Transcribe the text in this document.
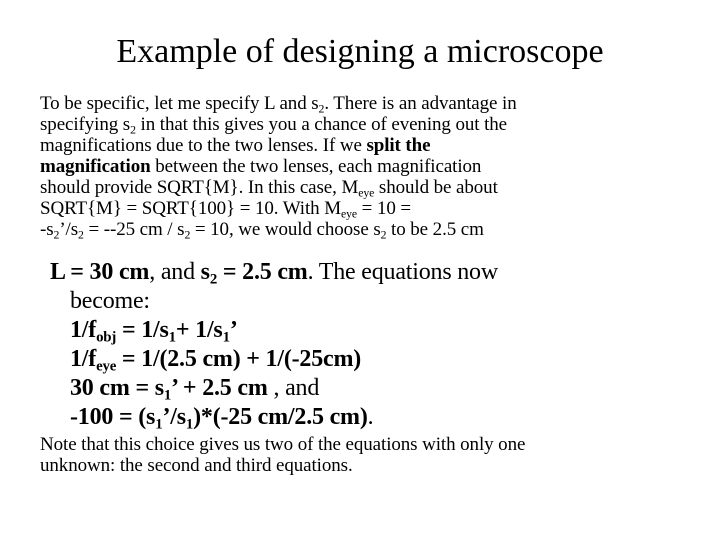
Example of designing a microscope
To be specific, let me specify L and $s_2$. There is an advantage in
specifying $s_2$ in that this gives you a chance of evening out the
magnifications due to the two lenses. If we split the
magnification between the two lenses, each magnification
should provide SQRT{M}. In this case, $M_{eye}$ should be about
SQRT{M} = SQRT{100} = 10. With $M_{eye} = 10$ =
$-s_2’/s_2 = --25$ cm / $s_2 = 10$, we would choose $s_2$ to be 2.5 cm
L = 30 cm, and $s_2 = 2.5$ cm. The equations now
become:
$1/f_{obj} = 1/s_1+ 1/s_1$’
$1/f_{eye} = 1/(2.5$ cm) + 1/(-25cm)
30 cm = $s_1$’ + 2.5 cm , and
$-100 = (s_1’/s_1)*(-25$ cm/2.5 cm).
Note that this choice gives us two of the equations with only one
unknown: the second and third equations.
